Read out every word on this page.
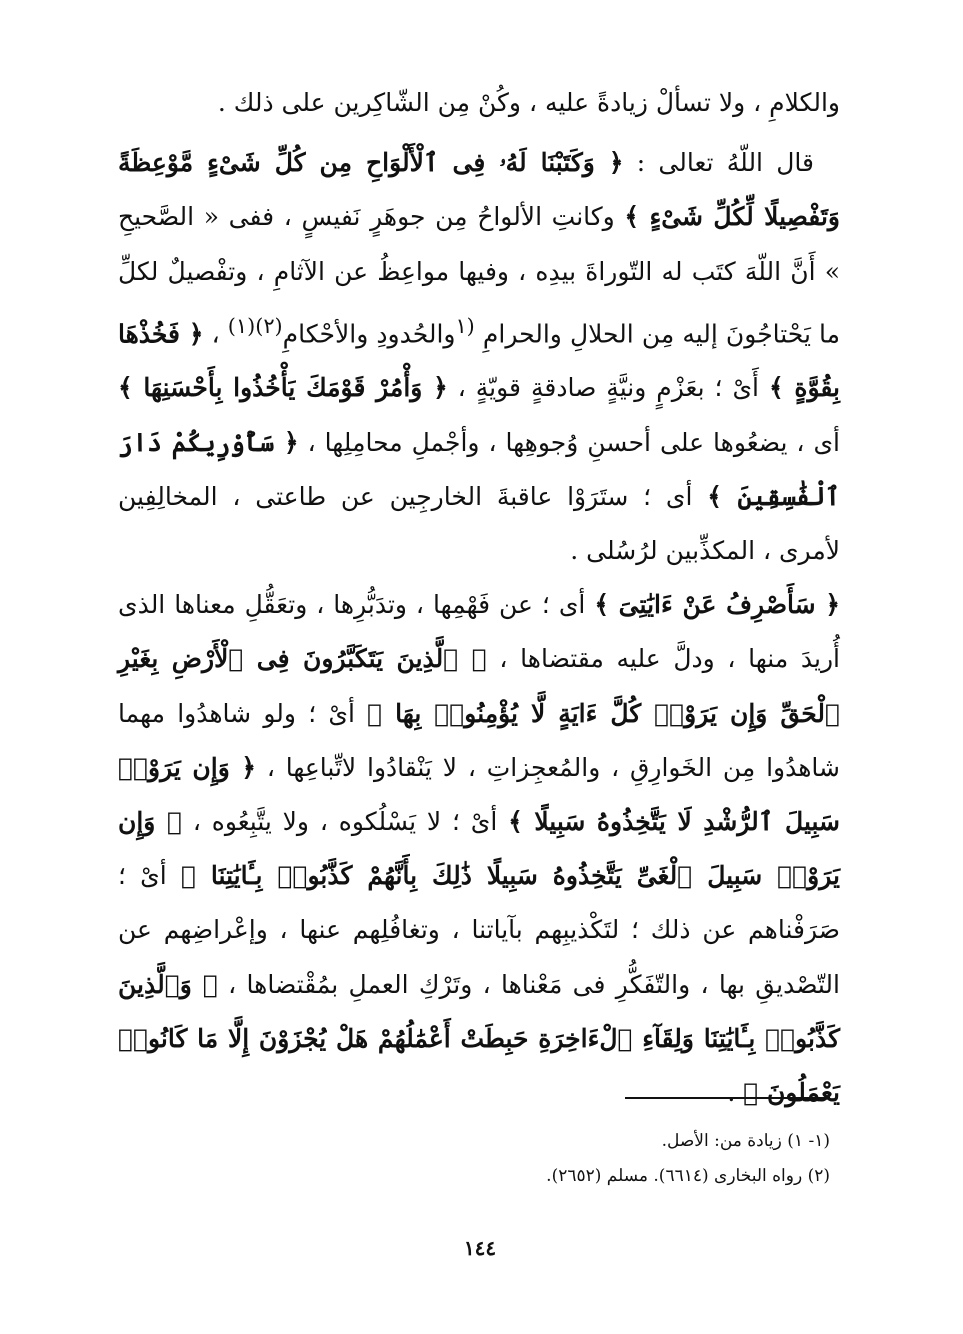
والكلامِ ، ولا تسألْ زيادةً عليه ، وكُنْ مِن الشّاكِرين على ذلك .

قال اللّهُ تعالى : ﴿ وَكَتَبْنَا لَهُۥ فِى ٱلْأَلْوَاحِ مِن كُلِّ شَىْءٍ مَّوْعِظَةً وَتَفْصِيلًا لِّكُلِّ شَىْءٍ ﴾ وكانتِ الألواحُ مِن جوهَرٍ نَفيسٍ ، ففى « الصَّحيحِ » أَنَّ اللّهَ كتَب له التّوراةَ بيدِه ، وفيها مواعِظُ عن الآثامِ ، وتفْصيلٌ لكلِّ ما يَحْتاجُونَ إليه مِن الحلالِ والحرامِ $^{(١}$والحُدودِ والأحْكامِ$^{(٢)(١)}$ ، ﴿ فَخُذْهَا بِقُوَّةٍ ﴾ أَىْ ؛ بعَزْمٍ ونيَّةٍ صادقةٍ قويّةٍ ، ﴿ وَأْمُرْ قَوْمَكَ يَأْخُذُوا بِأَحْسَنِهَا ﴾ أى ، يضعُوها على أحسنِ وُجوهِها ، وأجْملِ محامِلِها ، ﴿ سَأُوْرِيكُمْ دَارَ ٱلْفَٰسِقِينَ ﴾ أى ؛ ستَرَوْا عاقبةَ الخارجِين عن طاعتى ، المخالِفِين لأمرى ، المكذِّبين لرُسُلى .

﴿ سَأَصْرِفُ عَنْ ءَايَٰتِىَ ﴾ أى ؛ عن فَهْمِها ، وتدَبُّرِها ، وتعَقُّلِ معناها الذى أُريدَ منها ، ودلَّ عليه مقتضاها ، ﴿ ٱلَّذِينَ يَتَكَبَّرُونَ فِى ٱلْأَرْضِ بِغَيْرِ ٱلْحَقِّ وَإِن يَرَوْا۟ كُلَّ ءَايَةٍ لَّا يُؤْمِنُوا۟ بِهَا ﴾ أىْ ؛ ولو شاهدُوا مهما شاهدُوا مِن الخَوارِقِ ، والمُعجِزاتِ ، لا يَنْقادُوا لاتِّباعِها ، ﴿ وَإِن يَرَوْا۟ سَبِيلَ ٱلرُّشْدِ لَا يَتَّخِذُوهُ سَبِيلًا ﴾ أىْ ؛ لا يَسْلُكوه ، ولا يتَّبِعُوه ، ﴿ وَإِن يَرَوْا۟ سَبِيلَ ٱلْغَىِّ يَتَّخِذُوهُ سَبِيلًا ذَٰلِكَ بِأَنَّهُمْ كَذَّبُوا۟ بِـَٔايَٰتِنَا ﴾ أىْ ؛ صَرَفْناهم عن ذلك ؛ لتَكْذيبِهم بآياتنا ، وتغافُلِهم عنها ، وإعْراضِهم عن التّصْديقِ بها ، والتّفَكُّرِ فى مَعْناها ، وتَرْكِ العملِ بمُقْتضاها ، ﴿ وَٱلَّذِينَ كَذَّبُوا۟ بِـَٔايَٰتِنَا وَلِقَآءِ ٱلْءَاخِرَةِ حَبِطَتْ أَعْمَٰلُهُمْ هَلْ يُجْزَوْنَ إِلَّا مَا كَانُوا۟ يَعْمَلُونَ ﴾ .

(١- ١) زيادة من: الأصل.
(٢) رواه البخارى (٦٦١٤). مسلم (٢٦٥٢).
١٤٤
